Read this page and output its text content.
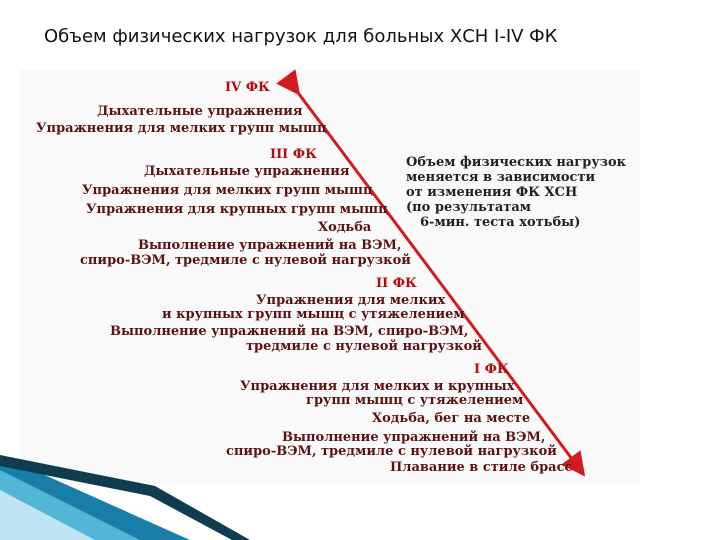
Объем физических нагрузок для больных ХСН I-IV ФК
IV ФК
Дыхательные упражнения
Упражнения для мелких групп мышц
III ФК
Дыхательные упражнения
Упражнения для мелких групп мышц
Упражнения для крупных групп мышц
Ходьба
Выполнение упражнений на ВЭМ,
спиро-ВЭМ, тредмиле с нулевой нагрузкой
II ФК
Упражнения для мелких
и крупных групп мышц с утяжелением
Выполнение упражнений на ВЭМ, спиро-ВЭМ,
тредмиле с нулевой нагрузкой
I ФК
Упражнения для мелких и крупных
групп мышц с утяжелением
Ходьба, бег на месте
Выполнение упражнений на ВЭМ,
спиро-ВЭМ, тредмиле с нулевой нагрузкой
Плавание в стиле брасс
Объем физических нагрузок
меняется в зависимости
от изменения ФК ХСН
(по результатам
6-мин. теста хотьбы)
